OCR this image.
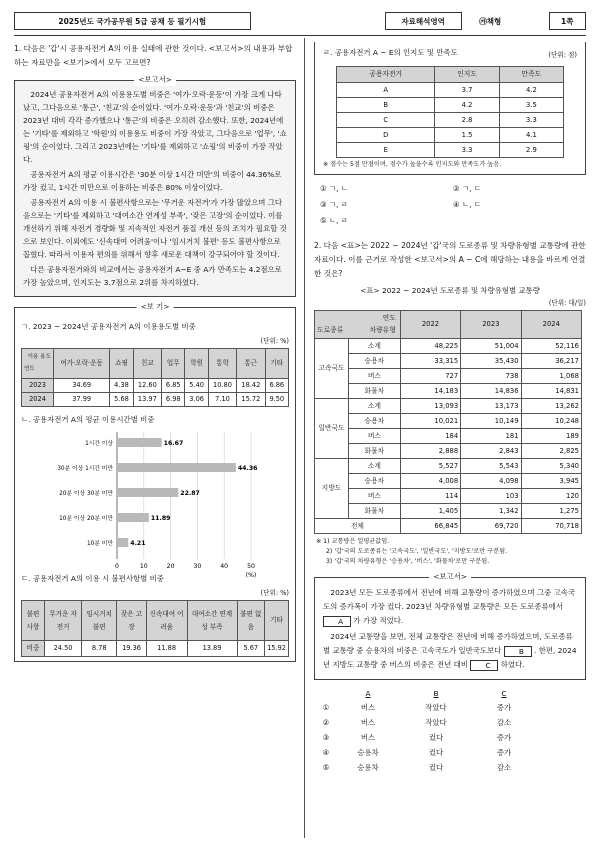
2025년도 국가공무원 5급 공채 등 필기시험	자료해석영역	㉮책형	1쪽
1. 다음은 '갑'시 공용자전거 A의 이용 실태에 관한 것이다. <보고서>의 내용과 부합하는 자료만을 <보기>에서 모두 고르면?
<보고서>

2024년 공용자전거 A의 이용용도별 비중은 '여가·오락·운동'이 가장 크게 나타났고, 그다음으로 '통근', '친교'의 순이었다. '여가·오락·운동'과 '친교'의 비중은 2023년 대비 각각 증가했으나 '통근'의 비중은 오히려 감소했다. 또한, 2024년에는 '기타'를 제외하고 '학원'의 이용용도 비중이 가장 작았고, 그다음으로 '업무', '쇼핑'의 순이었다. 그리고 2023년에는 '기타'를 제외하고 '쇼핑'의 비중이 가장 작았다.

공용자전거 A의 평균 이용시간은 '30분 이상 1시간 미만'의 비중이 44.36%로 가장 컸고, 1시간 미만으로 이용하는 비중은 80% 이상이었다.

공용자전거 A의 이용 시 불편사항으로는 '무거운 자전거'가 가장 많았으며 그다음으로는 '기타'를 제외하고 '대여소간 연계성 부족', '잦은 고장'의 순이었다. 이를 개선하기 위해 자전거 경량화 및 지속적인 자전거 품질 개선 등의 조치가 필요할 것으로 보인다. 이외에도 '신속대여 어려움'이나 '임시거치 불편' 등도 불편사항으로 꼽혔다. 따라서 이용자 편의를 위해서 향후 새로운 대책이 강구되어야 할 것이다.

다른 공용자전거와의 비교에서는 공용자전거 A~E 중 A가 만족도는 4.2점으로 가장 높았으며, 인지도는 3.7점으로 2위를 차지하였다.

<보 기>
ㄱ. 2023 ~ 2024년 공용자전거 A의 이용용도별 비중
(단위: %)
이용 용도
연도	여가·오락·운동	쇼핑	친교	업무	학원	통학	통근	기타
2023	34.69	4.38	12.60	6.85	5.40	10.80	18.42	6.86
2024	37.99	5.68	13.97	6.98	3.06	7.10	15.72	9.50
ㄴ. 공용자전거 A의 평균 이용시간별 비중
0	10	20	30	40	50
(%)
1시간 이상	16.67
30분 이상 1시간 미만	44.36
20분 이상 30분 미만	22.87
10분 이상 20분 미만	11.89
10분 미만	4.21
ㄷ. 공용자전거 A의 이용 시 불편사항별 비중
(단위: %)
불편사항	무거운 자전거	임시거치 불편	잦은 고장	신속대여 어려움	대여소간 연계성 부족	불편 없음	기타
비중	24.50	8.78	19.36	11.88	13.89	5.67	15.92
ㄹ. 공용자전거 A ~ E의 인지도 및 만족도	(단위: 점)
공용자전거	인지도	만족도
A	3.7	4.2
B	4.2	3.5
C	2.8	3.3
D	1.5	4.1
E	3.3	2.9
※ 점수는 5점 만점이며, 점수가 높을수록 인지도와 만족도가 높음.
① ㄱ, ㄴ	② ㄱ, ㄷ
③ ㄱ, ㄹ	④ ㄴ, ㄷ
⑤ ㄴ, ㄹ
2. 다음 <표>는 2022 ~ 2024년 '갑'국의 도로종류 및 차량유형별 교통량에 관한 자료이다. 이를 근거로 작성한 <보고서>의 A ~ C에 해당하는 내용을 바르게 연결한 것은?
<표> 2022 ~ 2024년 도로종류 및 차량유형별 교통량
(단위: 대/일)
연도
도로종류 차량유형		2022	2023	2024
고속국도	소계	48,225	51,004	52,116
	승용차	33,315	35,430	36,217
	버스	727	738	1,068
	화물차	14,183	14,836	14,831
일반국도	소계	13,093	13,173	13,262
	승용차	10,021	10,149	10,248
	버스	184	181	189
	화물차	2,888	2,843	2,825
지방도	소계	5,527	5,543	5,340
	승용차	4,008	4,098	3,945
	버스	114	103	120
	화물차	1,405	1,342	1,275
전체		66,845	69,720	70,718
※ 1) 교통량은 일평균값임.
2) '갑'국의 도로종류는 '고속국도', '일반국도', '지방도'로만 구분됨.
3) '갑'국의 차량유형은 '승용차', '버스', '화물차'로만 구분됨.
<보고서>

2023년 모든 도로종류에서 전년에 비해 교통량이 증가하였으며 그중 고속국도의 증가폭이 가장 컸다. 2023년 차량유형별 교통량은 모든 도로종류에서 A 가 가장 적었다.

2024년 교통량을 보면, 전체 교통량은 전년에 비해 증가하였으며, 도로종류별 교통량 중 승용차의 비중은 고속국도가 일반국도보다 B . 한편, 2024년 지방도 교통량 중 버스의 비중은 전년 대비 C 하였다.

	A	B	C
①	버스	작았다	증가
②	버스	작았다	감소
③	버스	컸다	증가
④	승용차	컸다	증가
⑤	승용차	컸다	감소
